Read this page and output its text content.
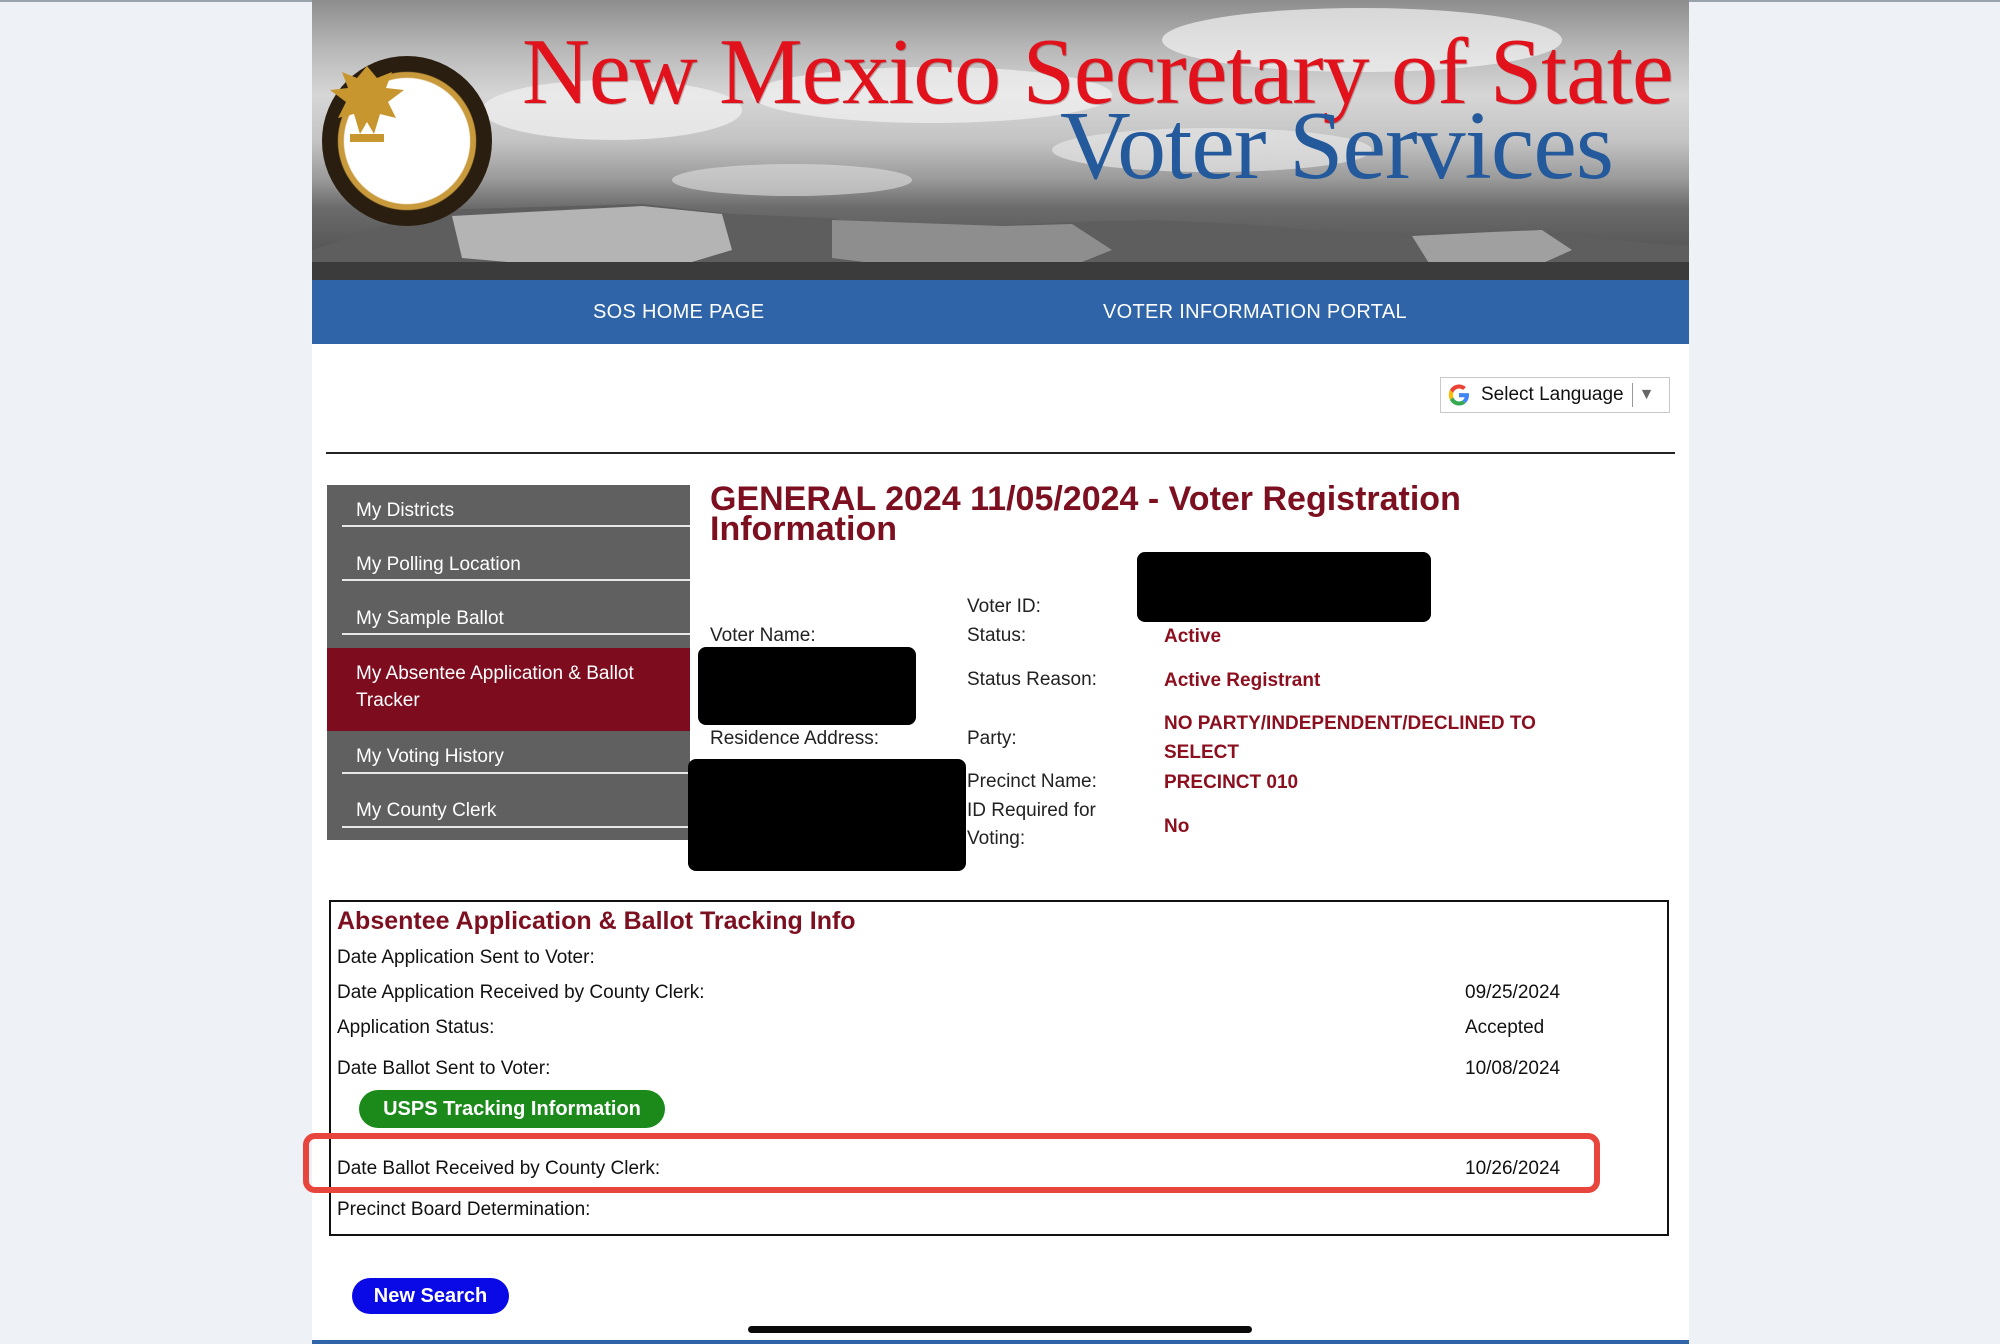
New Mexico Secretary of State
Voter Services
SOS HOME PAGE	VOTER INFORMATION PORTAL
Select Language ▼
My Districts
My Polling Location
My Sample Ballot
My Absentee Application & Ballot Tracker
My Voting History
My County Clerk
GENERAL 2024 11/05/2024 - Voter Registration Information
Voter Name:
Residence Address:
Voter ID:
Status:	Active
Status Reason:	Active Registrant
Party:
NO PARTY/INDEPENDENT/DECLINED TO SELECT
Precinct Name:	PRECINCT 010
ID Required for Voting:
No
Absentee Application & Ballot Tracking Info
Date Application Sent to Voter:
Date Application Received by County Clerk:	09/25/2024
Application Status:	Accepted
Date Ballot Sent to Voter:	10/08/2024
USPS Tracking Information
Date Ballot Received by County Clerk:	10/26/2024
Precinct Board Determination:
New Search
